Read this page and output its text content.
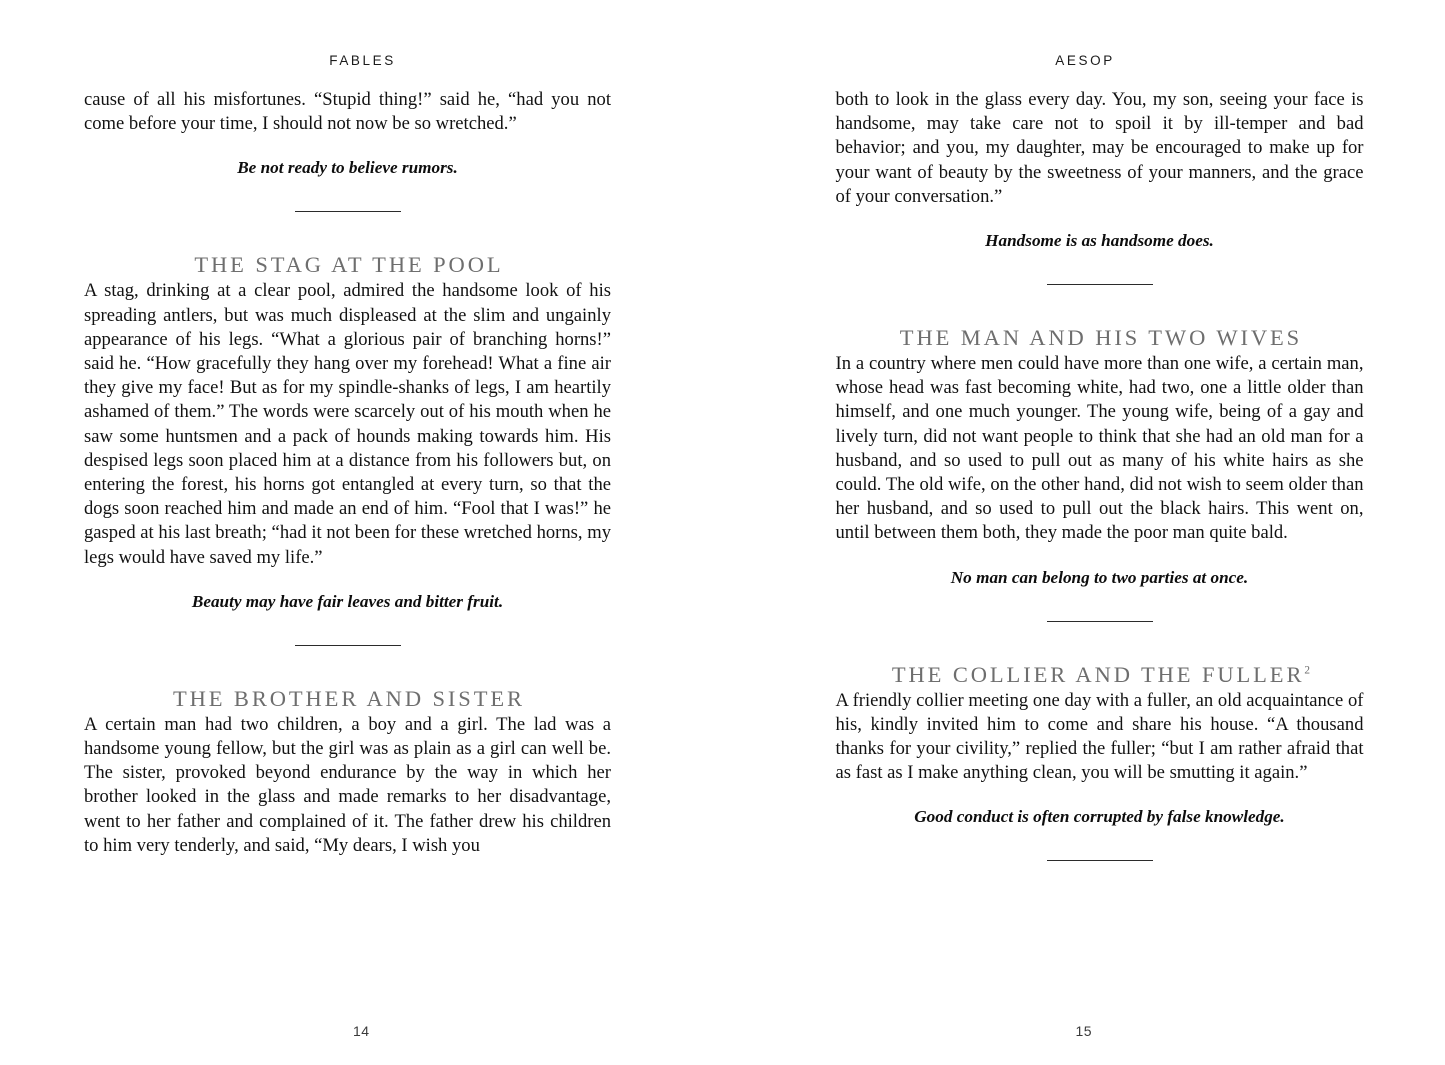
FABLES

cause of all his misfortunes. “Stupid thing!” said he, “had you not come before your time, I should not now be so wretched.”

Be not ready to believe rumors.

THE STAG AT THE POOL

A stag, drinking at a clear pool, admired the handsome look of his spreading antlers, but was much displeased at the slim and ungainly appearance of his legs. “What a glorious pair of branching horns!” said he. “How gracefully they hang over my forehead! What a fine air they give my face! But as for my spindle-shanks of legs, I am heartily ashamed of them.” The words were scarcely out of his mouth when he saw some huntsmen and a pack of hounds making towards him. His despised legs soon placed him at a distance from his followers but, on entering the forest, his horns got entangled at every turn, so that the dogs soon reached him and made an end of him. “Fool that I was!” he gasped at his last breath; “had it not been for these wretched horns, my legs would have saved my life.”

Beauty may have fair leaves and bitter fruit.

THE BROTHER AND SISTER

A certain man had two children, a boy and a girl. The lad was a handsome young fellow, but the girl was as plain as a girl can well be. The sister, provoked beyond endurance by the way in which her brother looked in the glass and made remarks to her disadvantage, went to her father and complained of it. The father drew his children to him very tenderly, and said, “My dears, I wish you

14
AESOP

both to look in the glass every day. You, my son, seeing your face is handsome, may take care not to spoil it by ill-temper and bad behavior; and you, my daughter, may be encouraged to make up for your want of beauty by the sweetness of your manners, and the grace of your conversation.”

Handsome is as handsome does.

THE MAN AND HIS TWO WIVES

In a country where men could have more than one wife, a certain man, whose head was fast becoming white, had two, one a little older than himself, and one much younger. The young wife, being of a gay and lively turn, did not want people to think that she had an old man for a husband, and so used to pull out as many of his white hairs as she could. The old wife, on the other hand, did not wish to seem older than her husband, and so used to pull out the black hairs. This went on, until between them both, they made the poor man quite bald.

No man can belong to two parties at once.

THE COLLIER AND THE FULLER$^2$

A friendly collier meeting one day with a fuller, an old acquaintance of his, kindly invited him to come and share his house. “A thousand thanks for your civility,” replied the fuller; “but I am rather afraid that as fast as I make anything clean, you will be smutting it again.”

Good conduct is often corrupted by false knowledge.

15
